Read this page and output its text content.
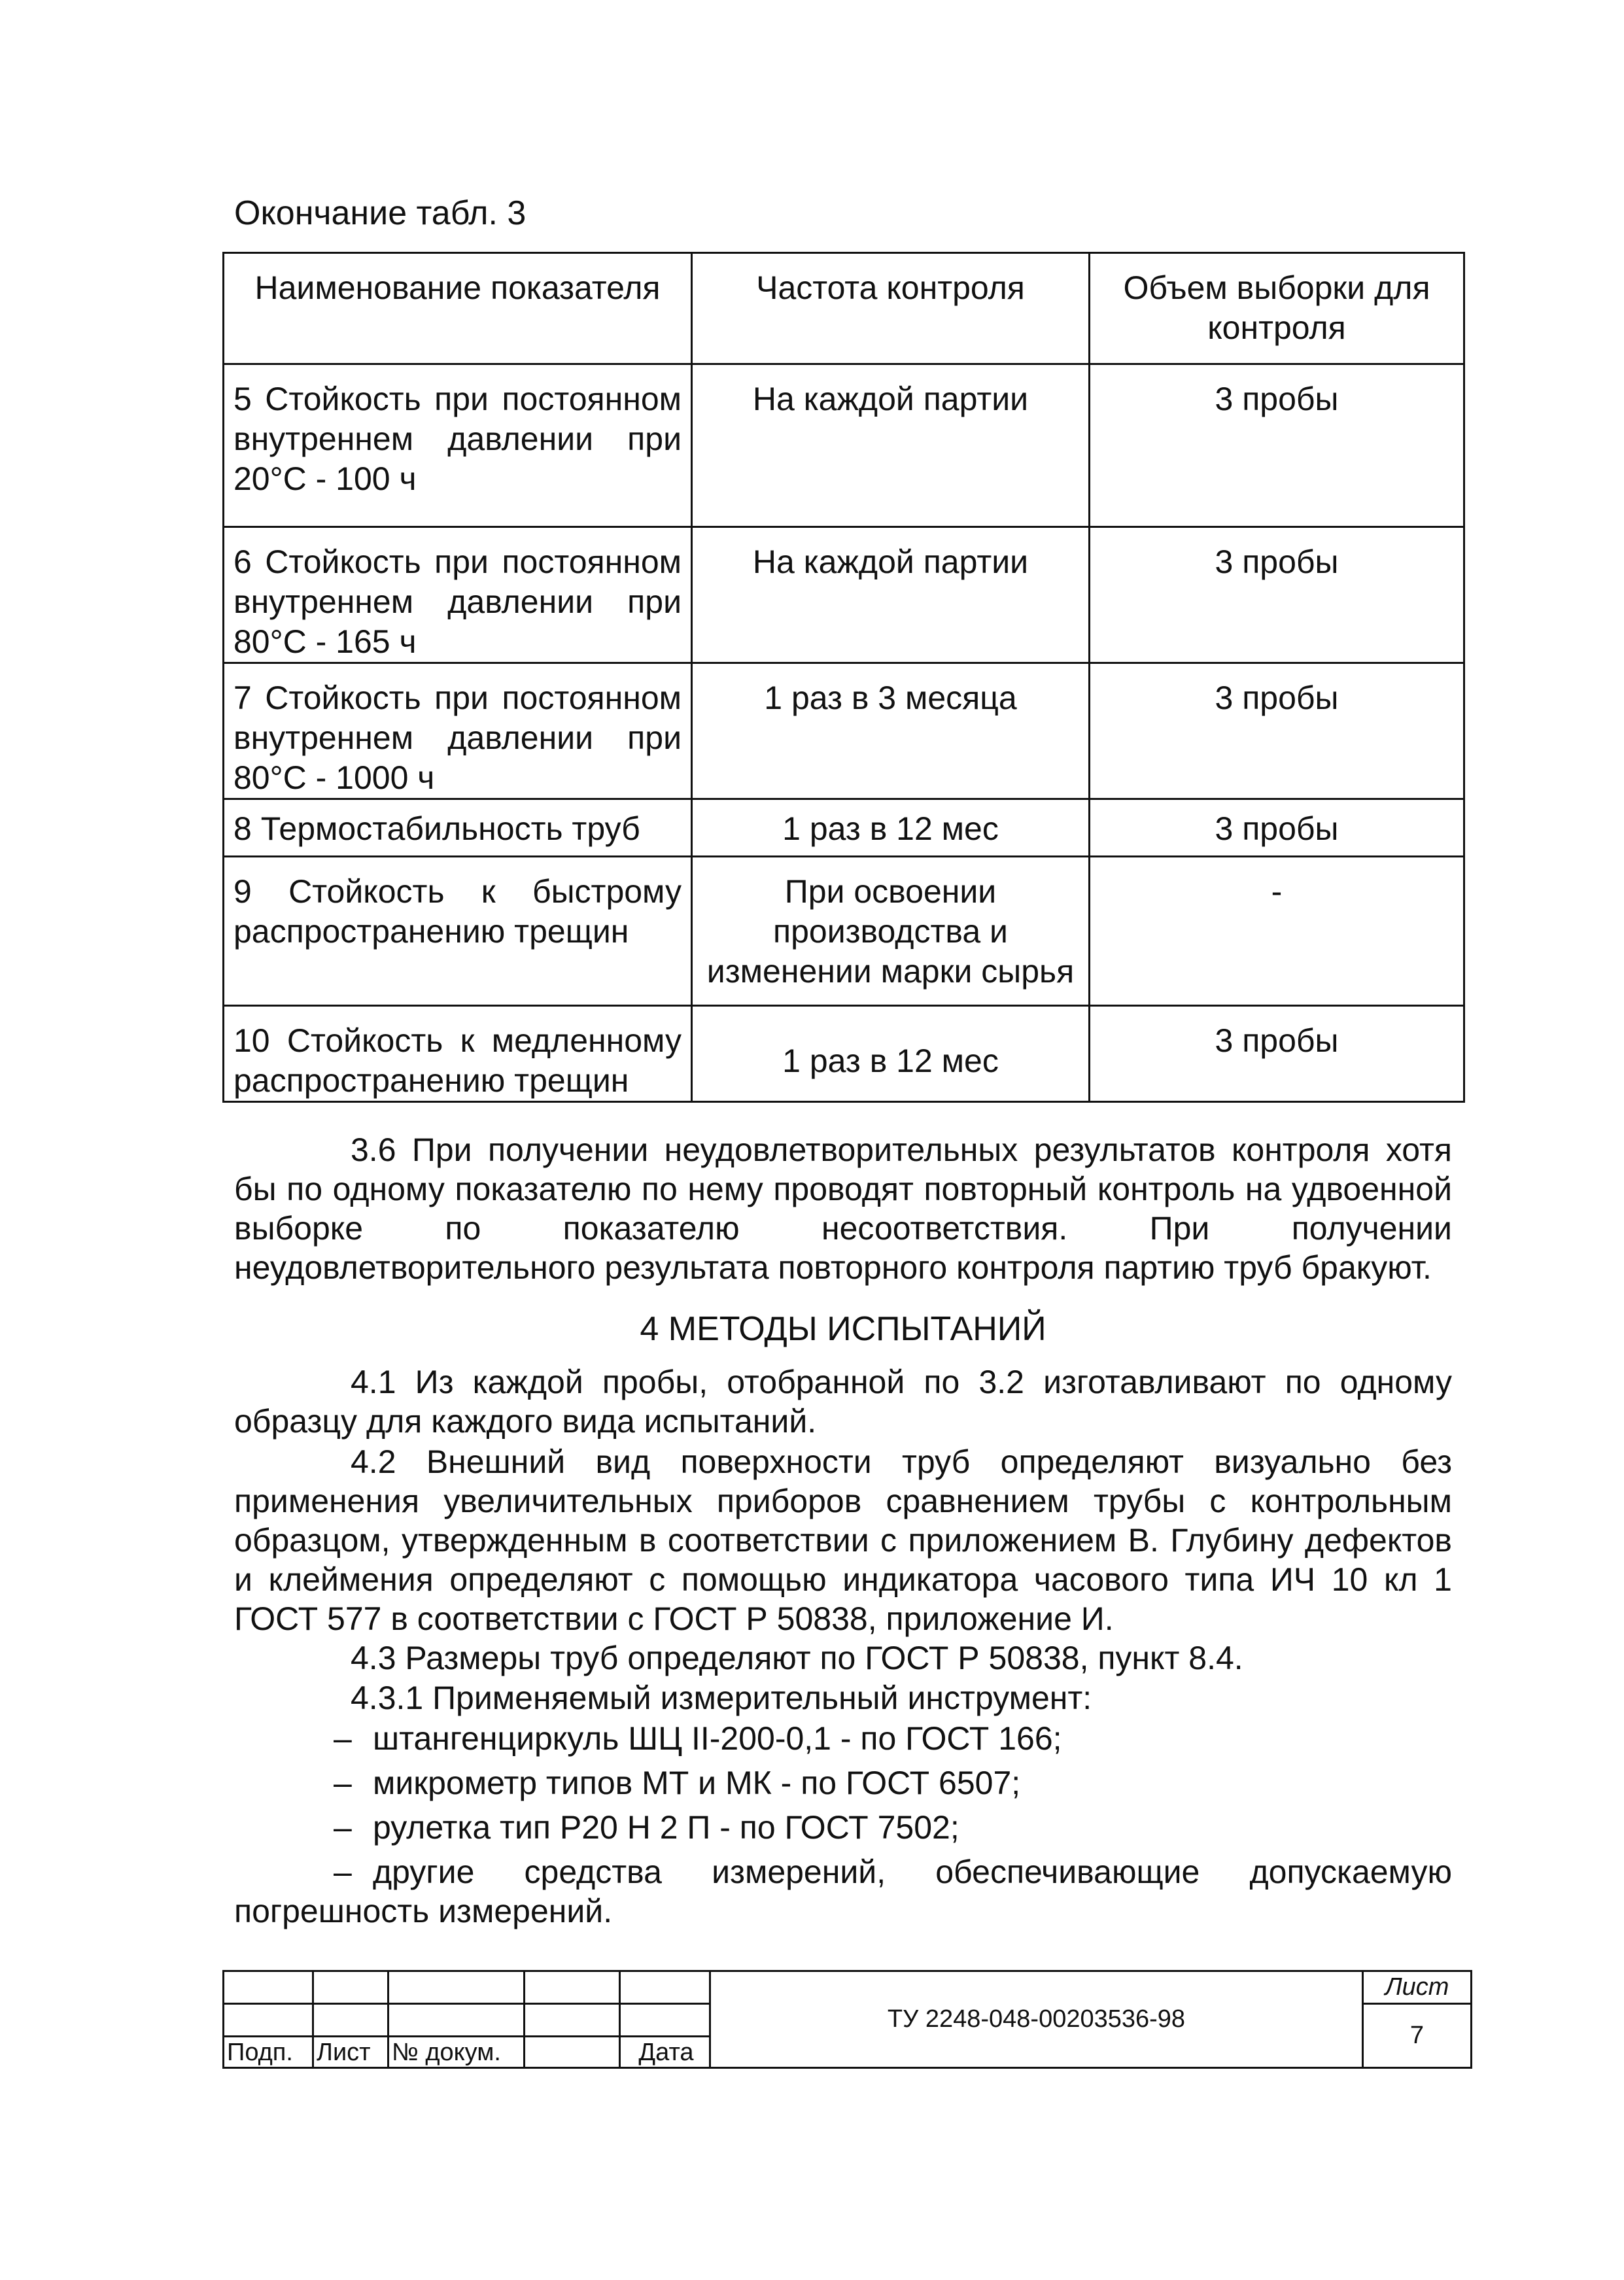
Окончание табл. 3
Наименование показателя	Частота контроля	Объем выборки для контроля
5 Стойкость при постоянном внутреннем давлении при 20°С - 100 ч	На каждой партии	3 пробы
6 Стойкость при постоянном внутреннем давлении при 80°С - 165 ч	На каждой партии	3 пробы
7 Стойкость при постоянном внутреннем давлении при 80°С - 1000 ч	1 раз в 3 месяца	3 пробы
8 Термостабильность труб	1 раз в 12 мес	3 пробы
9 Стойкость к быстрому распространению трещин	При освоении производства и изменении марки сырья	-
10 Стойкость к медленному распространению трещин	1 раз в 12 мес	3 пробы
3.6 При получении неудовлетворительных результатов контроля хотя бы по одному показателю по нему проводят повторный контроль на удвоенной выборке по показателю несоответствия. При получении неудовлетворительного результата повторного контроля партию труб бракуют.
4 МЕТОДЫ ИСПЫТАНИЙ
4.1 Из каждой пробы, отобранной по 3.2 изготавливают по одному образцу для каждого вида испытаний.
4.2 Внешний вид поверхности труб определяют визуально без применения увеличительных приборов сравнением трубы с контрольным образцом, утвержденным в соответствии с приложением В. Глубину дефектов и клеймения определяют с помощью индикатора часового типа ИЧ 10 кл 1 ГОСТ 577 в соответствии с ГОСТ Р 50838, приложение И.
4.3 Размеры труб определяют по ГОСТ Р 50838, пункт 8.4.
4.3.1 Применяемый измерительный инструмент:
– штангенциркуль ШЦ II-200-0,1 - по ГОСТ 166;
– микрометр типов МТ и МК - по ГОСТ 6507;
– рулетка тип Р20 Н 2 П - по ГОСТ 7502;
– другие средства измерений, обеспечивающие допускаемую погрешность измерений.
					ТУ 2248-048-00203536-98	Лист
						7
Подп.	Лист	№ докум.		Дата		
